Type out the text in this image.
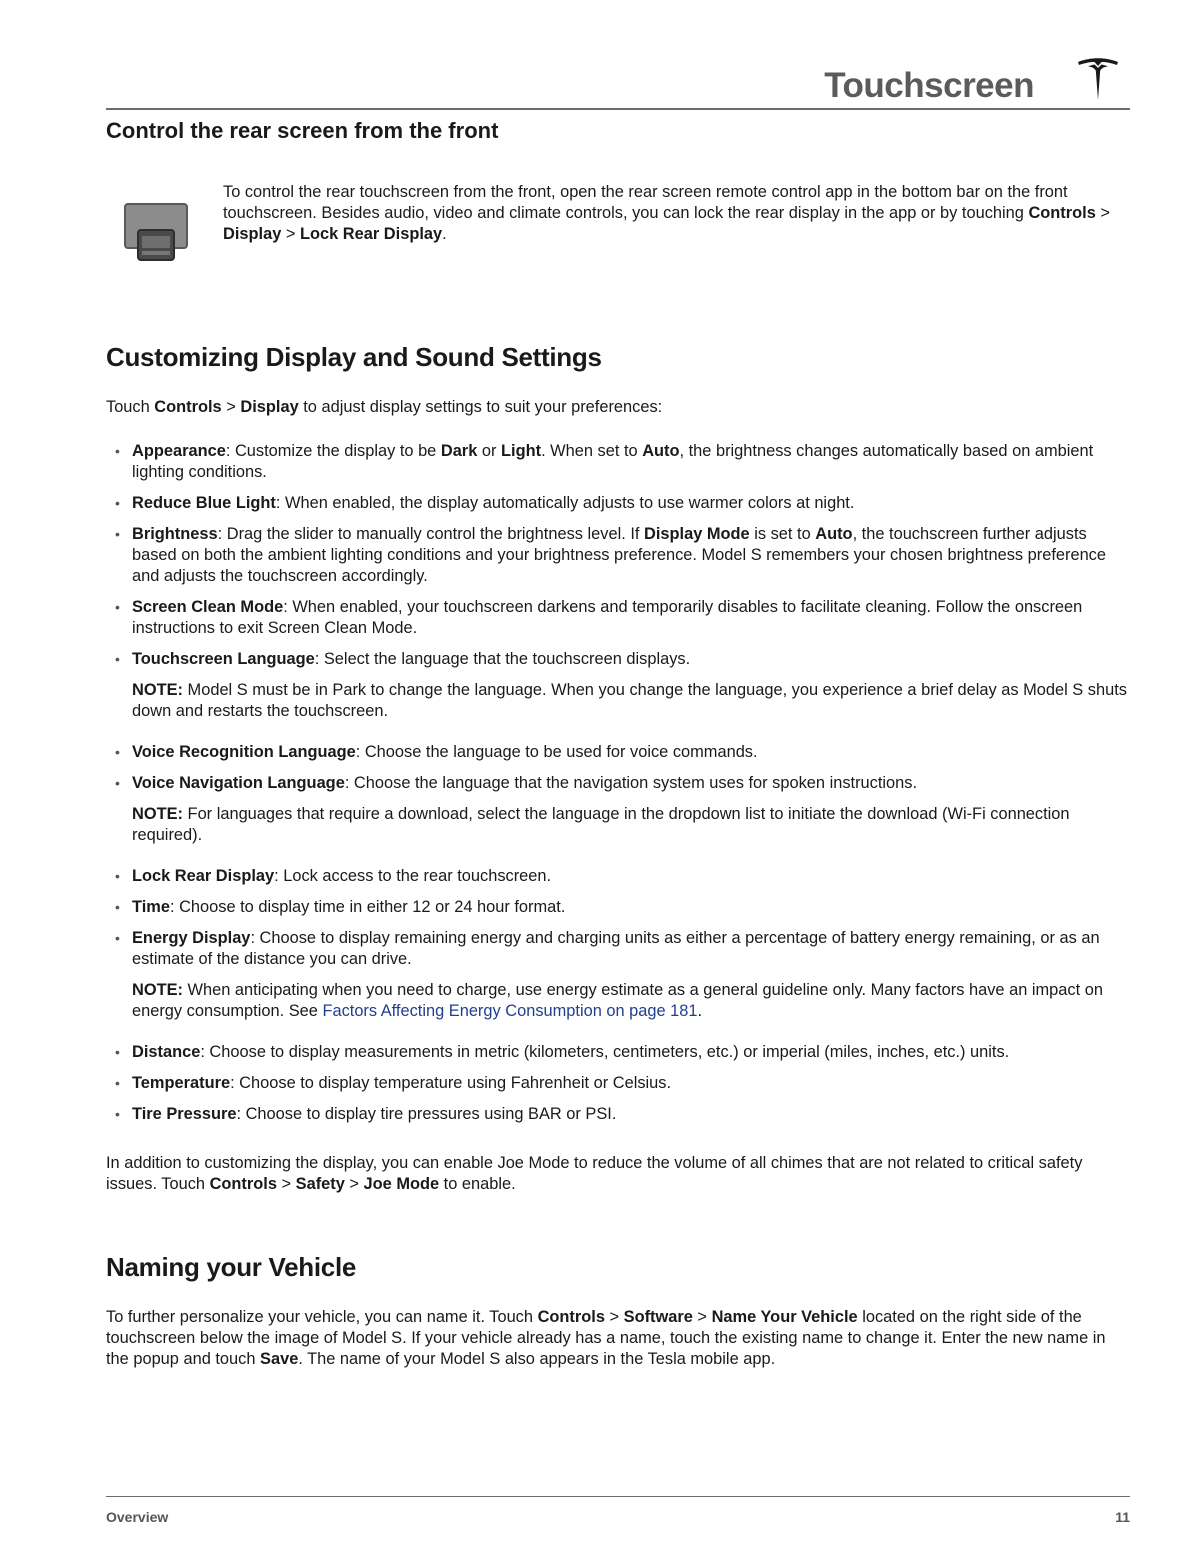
Touchscreen
Control the rear screen from the front

To control the rear touchscreen from the front, open the rear screen remote control app in the bottom bar on the front touchscreen. Besides audio, video and climate controls, you can lock the rear display in the app or by touching Controls > Display > Lock Rear Display.

Customizing Display and Sound Settings

Touch Controls > Display to adjust display settings to suit your preferences:

• Appearance: Customize the display to be Dark or Light. When set to Auto, the brightness changes automatically based on ambient lighting conditions.
• Reduce Blue Light: When enabled, the display automatically adjusts to use warmer colors at night.
• Brightness: Drag the slider to manually control the brightness level. If Display Mode is set to Auto, the touchscreen further adjusts based on both the ambient lighting conditions and your brightness preference. Model S remembers your chosen brightness preference and adjusts the touchscreen accordingly.
• Screen Clean Mode: When enabled, your touchscreen darkens and temporarily disables to facilitate cleaning. Follow the onscreen instructions to exit Screen Clean Mode.
• Touchscreen Language: Select the language that the touchscreen displays.
NOTE: Model S must be in Park to change the language. When you change the language, you experience a brief delay as Model S shuts down and restarts the touchscreen.
• Voice Recognition Language: Choose the language to be used for voice commands.
• Voice Navigation Language: Choose the language that the navigation system uses for spoken instructions.
NOTE: For languages that require a download, select the language in the dropdown list to initiate the download (Wi-Fi connection required).
• Lock Rear Display: Lock access to the rear touchscreen.
• Time: Choose to display time in either 12 or 24 hour format.
• Energy Display: Choose to display remaining energy and charging units as either a percentage of battery energy remaining, or as an estimate of the distance you can drive.
NOTE: When anticipating when you need to charge, use energy estimate as a general guideline only. Many factors have an impact on energy consumption. See Factors Affecting Energy Consumption on page 181.
• Distance: Choose to display measurements in metric (kilometers, centimeters, etc.) or imperial (miles, inches, etc.) units.
• Temperature: Choose to display temperature using Fahrenheit or Celsius.
• Tire Pressure: Choose to display tire pressures using BAR or PSI.

In addition to customizing the display, you can enable Joe Mode to reduce the volume of all chimes that are not related to critical safety issues. Touch Controls > Safety > Joe Mode to enable.

Naming your Vehicle

To further personalize your vehicle, you can name it. Touch Controls > Software > Name Your Vehicle located on the right side of the touchscreen below the image of Model S. If your vehicle already has a name, touch the existing name to change it. Enter the new name in the popup and touch Save. The name of your Model S also appears in the Tesla mobile app.

Overview	11
